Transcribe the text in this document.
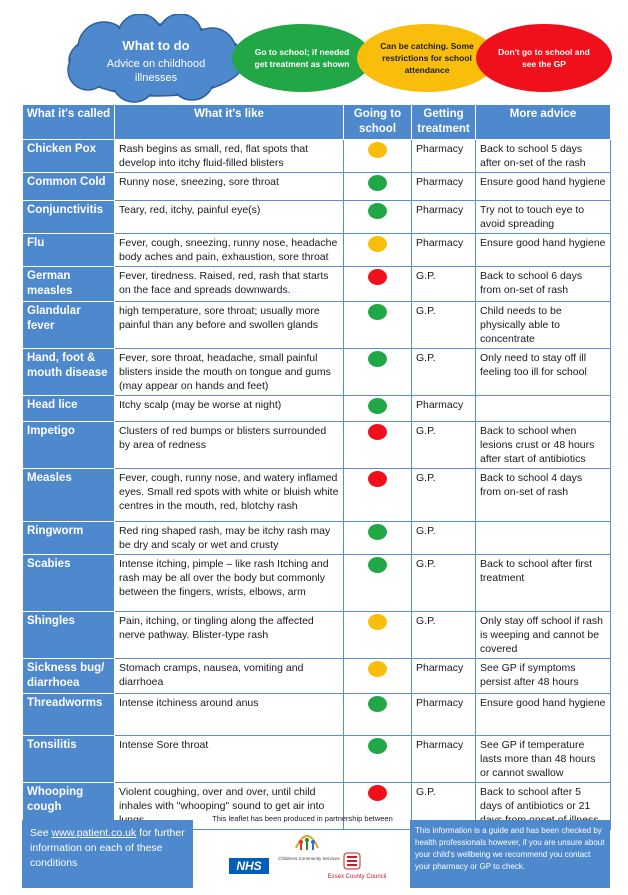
What to do
Advice on childhood illnesses
Go to school; if needed get treatment as shown
Can be catching. Some restrictions for school attendance
Don't go to school and see the GP
What it's called	What it's like	Going to school	Getting treatment	More advice
Chicken Pox	Rash begins as small, red, flat spots that develop into itchy fluid-filled blisters		Pharmacy	Back to school 5 days after on-set of the rash
Common Cold	Runny nose, sneezing, sore throat		Pharmacy	Ensure good hand hygiene
Conjunctivitis	Teary, red, itchy, painful eye(s)		Pharmacy	Try not to touch eye to avoid spreading
Flu	Fever, cough, sneezing, runny nose, headache body aches and pain, exhaustion, sore throat		Pharmacy	Ensure good hand hygiene
German measles	Fever, tiredness. Raised, red, rash that starts on the face and spreads downwards.		G.P.	Back to school 6 days from on-set of rash
Glandular fever	high temperature, sore throat; usually more painful than any before and swollen glands		G.P.	Child needs to be physically able to concentrate
Hand, foot & mouth disease	Fever, sore throat, headache, small painful blisters inside the mouth on tongue and gums (may appear on hands and feet)		G.P.	Only need to stay off ill feeling too ill for school
Head lice	Itchy scalp (may be worse at night)		Pharmacy	
Impetigo	Clusters of red bumps or blisters surrounded by area of redness		G.P.	Back to school when lesions crust or 48 hours after start of antibiotics
Measles	Fever, cough, runny nose, and watery inflamed eyes. Small red spots with white or bluish white centres in the mouth, red, blotchy rash		G.P.	Back to school 4 days from on-set of rash
Ringworm	Red ring shaped rash, may be itchy rash may be dry and scaly or wet and crusty		G.P.	
Scabies	Intense itching, pimple – like rash Itching and rash may be all over the body but commonly between the fingers, wrists, elbows, arm		G.P.	Back to school after first treatment
Shingles	Pain, itching, or tingling along the affected nerve pathway. Blister-type rash		G.P.	Only stay off school if rash is weeping and cannot be covered
Sickness bug/ diarrhoea	Stomach cramps, nausea, vomiting and diarrhoea		Pharmacy	See GP if symptoms persist after 48 hours
Threadworms	Intense itchiness around anus		Pharmacy	Ensure good hand hygiene
Tonsilitis	Intense Sore throat		Pharmacy	See GP if temperature lasts more than 48 hours or cannot swallow
Whooping cough	Violent coughing, over and over, until child inhales with "whooping" sound to get air into		G.P.	Back to school after 5 days of antibiotics or 21
See www.patient.co.uk for further information on each of these conditions
This leaflet has been produced in partnership between
NHS
Childrens Community Services
Essex County Council
This information is a guide and has been checked by health professionals however, if you are unsure about your child's wellbeing we recommend you contact your pharmacy or GP to check.
